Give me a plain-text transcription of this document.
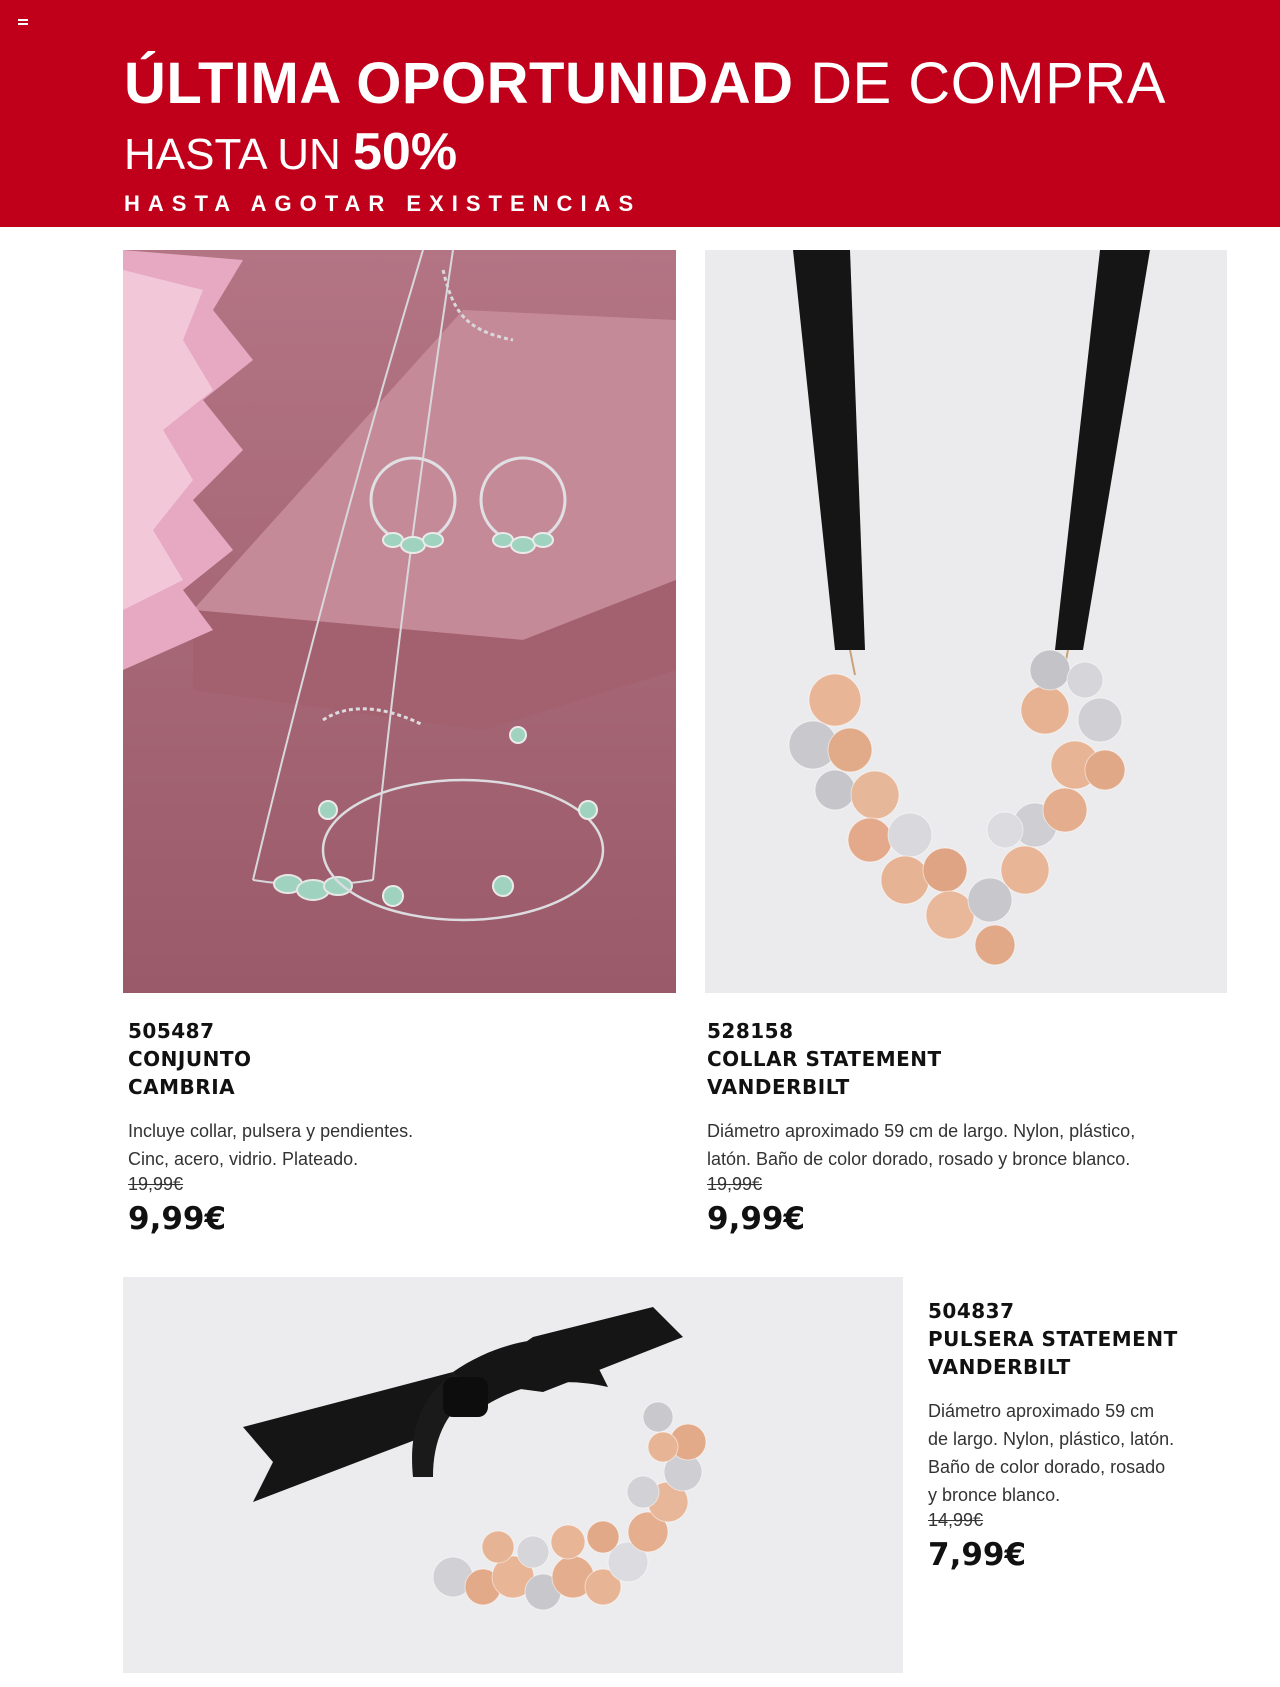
ÚLTIMA OPORTUNIDAD DE COMPRA
HASTA UN 50%

HASTA AGOTAR EXISTENCIAS

505487

CONJUNTO
CAMBRIA

Incluye collar, pulsera y pendientes.
Cinc, acero, vidrio. Plateado.

19,99€
9,99€

528158

COLLAR STATEMENT
VANDERBILT

Diámetro aproximado 59 cm de largo. Nylon, plástico,
latón. Baño de color dorado, rosado y bronce blanco.

19,99€
9,99€

504837

PULSERA STATEMENT
VANDERBILT

Diámetro aproximado 59 cm
de largo. Nylon, plástico, latón.
Baño de color dorado, rosado
y bronce blanco.

14,99€
7,99€
